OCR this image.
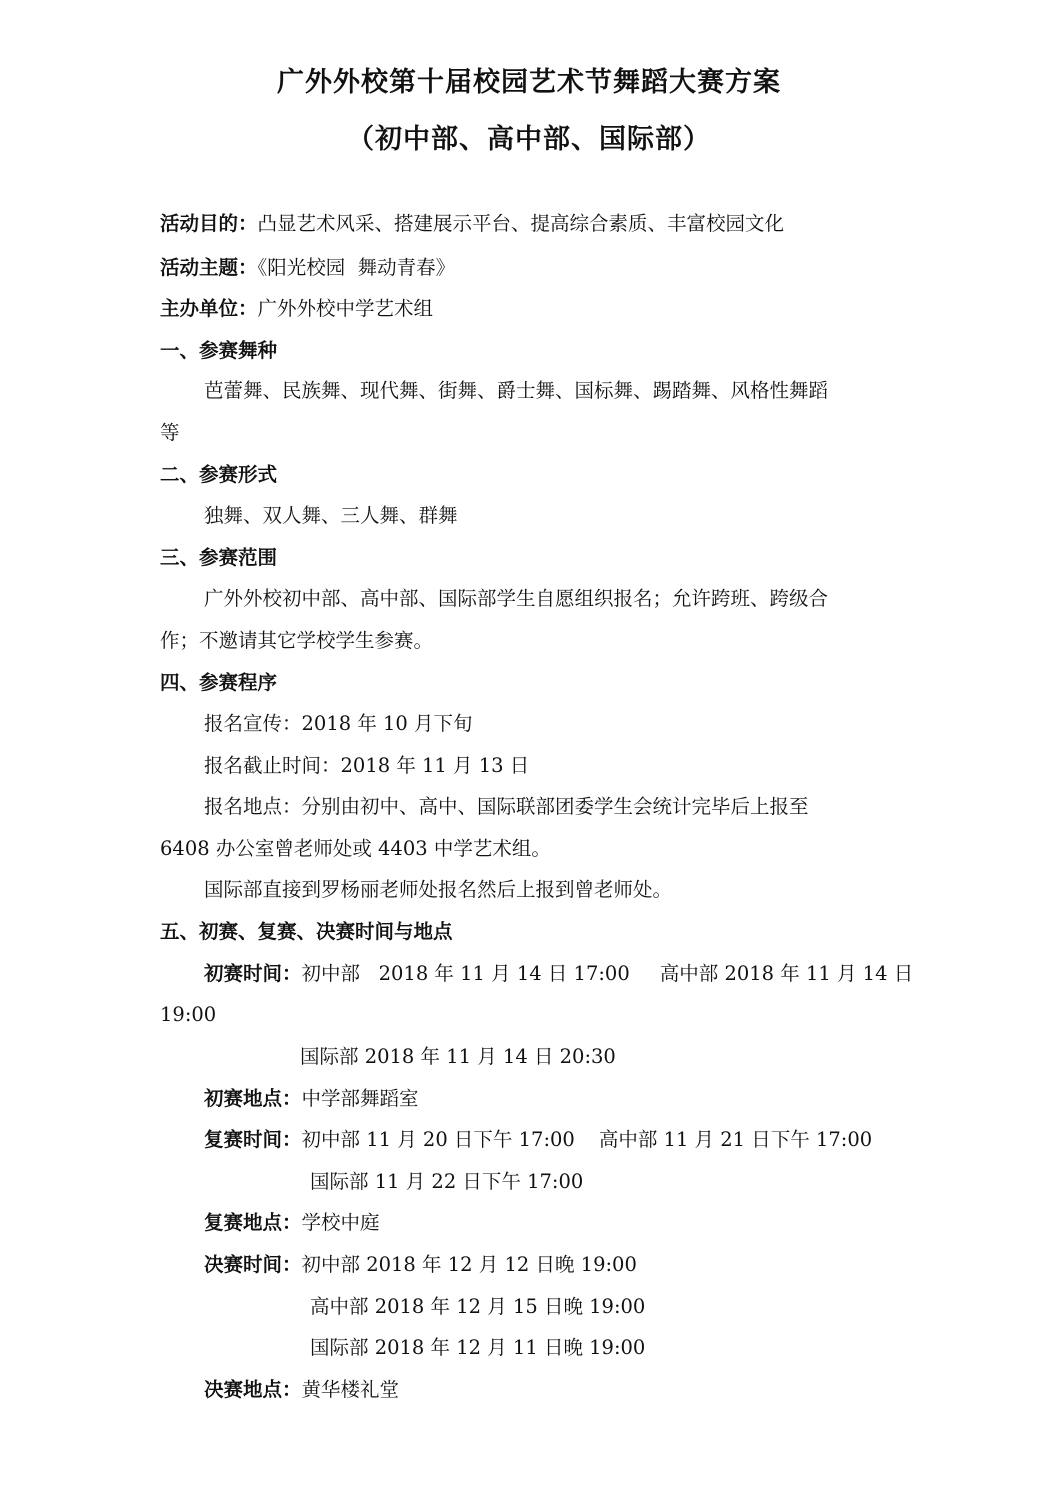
广外外校第十届校园艺术节舞蹈大赛方案
（初中部、高中部、国际部）

活动目的：凸显艺术风采、搭建展示平台、提高综合素质、丰富校园文化

活动主题：《阳光校园  舞动青春》

主办单位：广外外校中学艺术组

一、参赛舞种

芭蕾舞、民族舞、现代舞、街舞、爵士舞、国标舞、踢踏舞、风格性舞蹈

等

二、参赛形式

独舞、双人舞、三人舞、群舞

三、参赛范围

广外外校初中部、高中部、国际部学生自愿组织报名；允许跨班、跨级合

作；不邀请其它学校学生参赛。

四、参赛程序

报名宣传：2018 年 10 月下旬

报名截止时间：2018 年 11 月 13 日

报名地点：分别由初中、高中、国际联部团委学生会统计完毕后上报至

6408 办公室曾老师处或 4403 中学艺术组。

国际部直接到罗杨丽老师处报名然后上报到曾老师处。

五、初赛、复赛、决赛时间与地点

初赛时间：初中部   2018 年 11 月 14 日 17:00 高中部 2018 年 11 月 14 日

19:00

国际部 2018 年 11 月 14 日 20:30

初赛地点：中学部舞蹈室

复赛时间：初中部 11 月 20 日下午 17:00 高中部 11 月 21 日下午 17:00

国际部 11 月 22 日下午 17:00

复赛地点：学校中庭

决赛时间：初中部 2018 年 12 月 12 日晚 19:00

高中部 2018 年 12 月 15 日晚 19:00

国际部 2018 年 12 月 11 日晚 19:00

决赛地点：黄华楼礼堂
